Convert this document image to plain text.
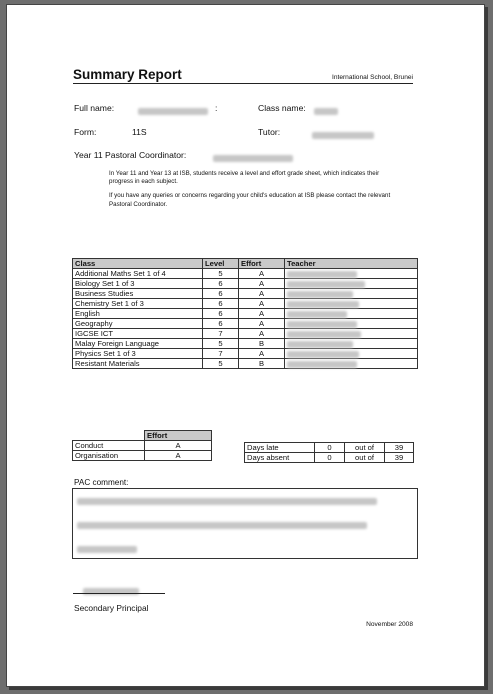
Summary Report	International School, Brunei
Full name:	:	Class name:
Form:	11S	Tutor:
Year 11 Pastoral Coordinator:

In Year 11 and Year 13 at ISB, students receive a level and effort grade sheet, which indicates their progress in each subject.

If you have any queries or concerns regarding your child's education at ISB please contact the relevant Pastoral Coordinator.

Class	Level	Effort	Teacher
Additional Maths Set 1 of 4	5	A	
Biology Set 1 of 3	6	A	
Business Studies	6	A	
Chemistry Set 1 of 3	6	A	
English	6	A	
Geography	6	A	
IGCSE ICT	7	A	
Malay Foreign Language	5	B	
Physics Set 1 of 3	7	A	
Resistant Materials	5	B	
	Effort
Conduct	A
Organisation	A
Days late	0	out of	39
Days absent	0	out of	39
PAC comment:
Secondary Principal
November 2008
